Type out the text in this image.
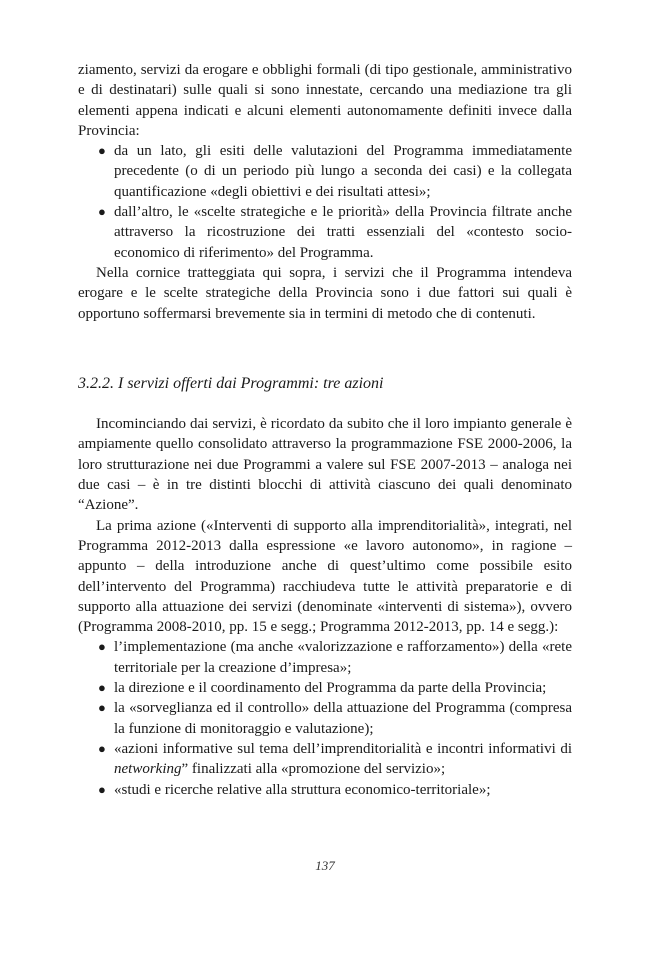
ziamento, servizi da erogare e obblighi formali (di tipo gestionale, amministrativo e di destinatari) sulle quali si sono innestate, cercando una mediazione tra gli elementi appena indicati e alcuni elementi autonomamente definiti invece dalla Provincia:

● da un lato, gli esiti delle valutazioni del Programma immediatamente precedente (o di un periodo più lungo a seconda dei casi) e la collegata quantificazione «degli obiettivi e dei risultati attesi»;
● dall’altro, le «scelte strategiche e le priorità» della Provincia filtrate anche attraverso la ricostruzione dei tratti essenziali del «contesto socio-economico di riferimento» del Programma.

Nella cornice tratteggiata qui sopra, i servizi che il Programma intendeva erogare e le scelte strategiche della Provincia sono i due fattori sui quali è opportuno soffermarsi brevemente sia in termini di metodo che di contenuti.

3.2.2. I servizi offerti dai Programmi: tre azioni

Incominciando dai servizi, è ricordato da subito che il loro impianto generale è ampiamente quello consolidato attraverso la programmazione FSE 2000-2006, la loro strutturazione nei due Programmi a valere sul FSE 2007-2013 – analoga nei due casi – è in tre distinti blocchi di attività ciascuno dei quali denominato “Azione”.

La prima azione («Interventi di supporto alla imprenditorialità», integrati, nel Programma 2012-2013 dalla espressione «e lavoro autonomo», in ragione – appunto – della introduzione anche di quest’ultimo come possibile esito dell’intervento del Programma) racchiudeva tutte le attività preparatorie e di supporto alla attuazione dei servizi (denominate «interventi di sistema»), ovvero (Programma 2008-2010, pp. 15 e segg.; Programma 2012-2013, pp. 14 e segg.):

● l’implementazione (ma anche «valorizzazione e rafforzamento») della «rete territoriale per la creazione d’impresa»;
● la direzione e il coordinamento del Programma da parte della Provincia;
● la «sorveglianza ed il controllo» della attuazione del Programma (compresa la funzione di monitoraggio e valutazione);
● «azioni informative sul tema dell’imprenditorialità e incontri informativi di networking” finalizzati alla «promozione del servizio»;
● «studi e ricerche relative alla struttura economico-territoriale»;
137
